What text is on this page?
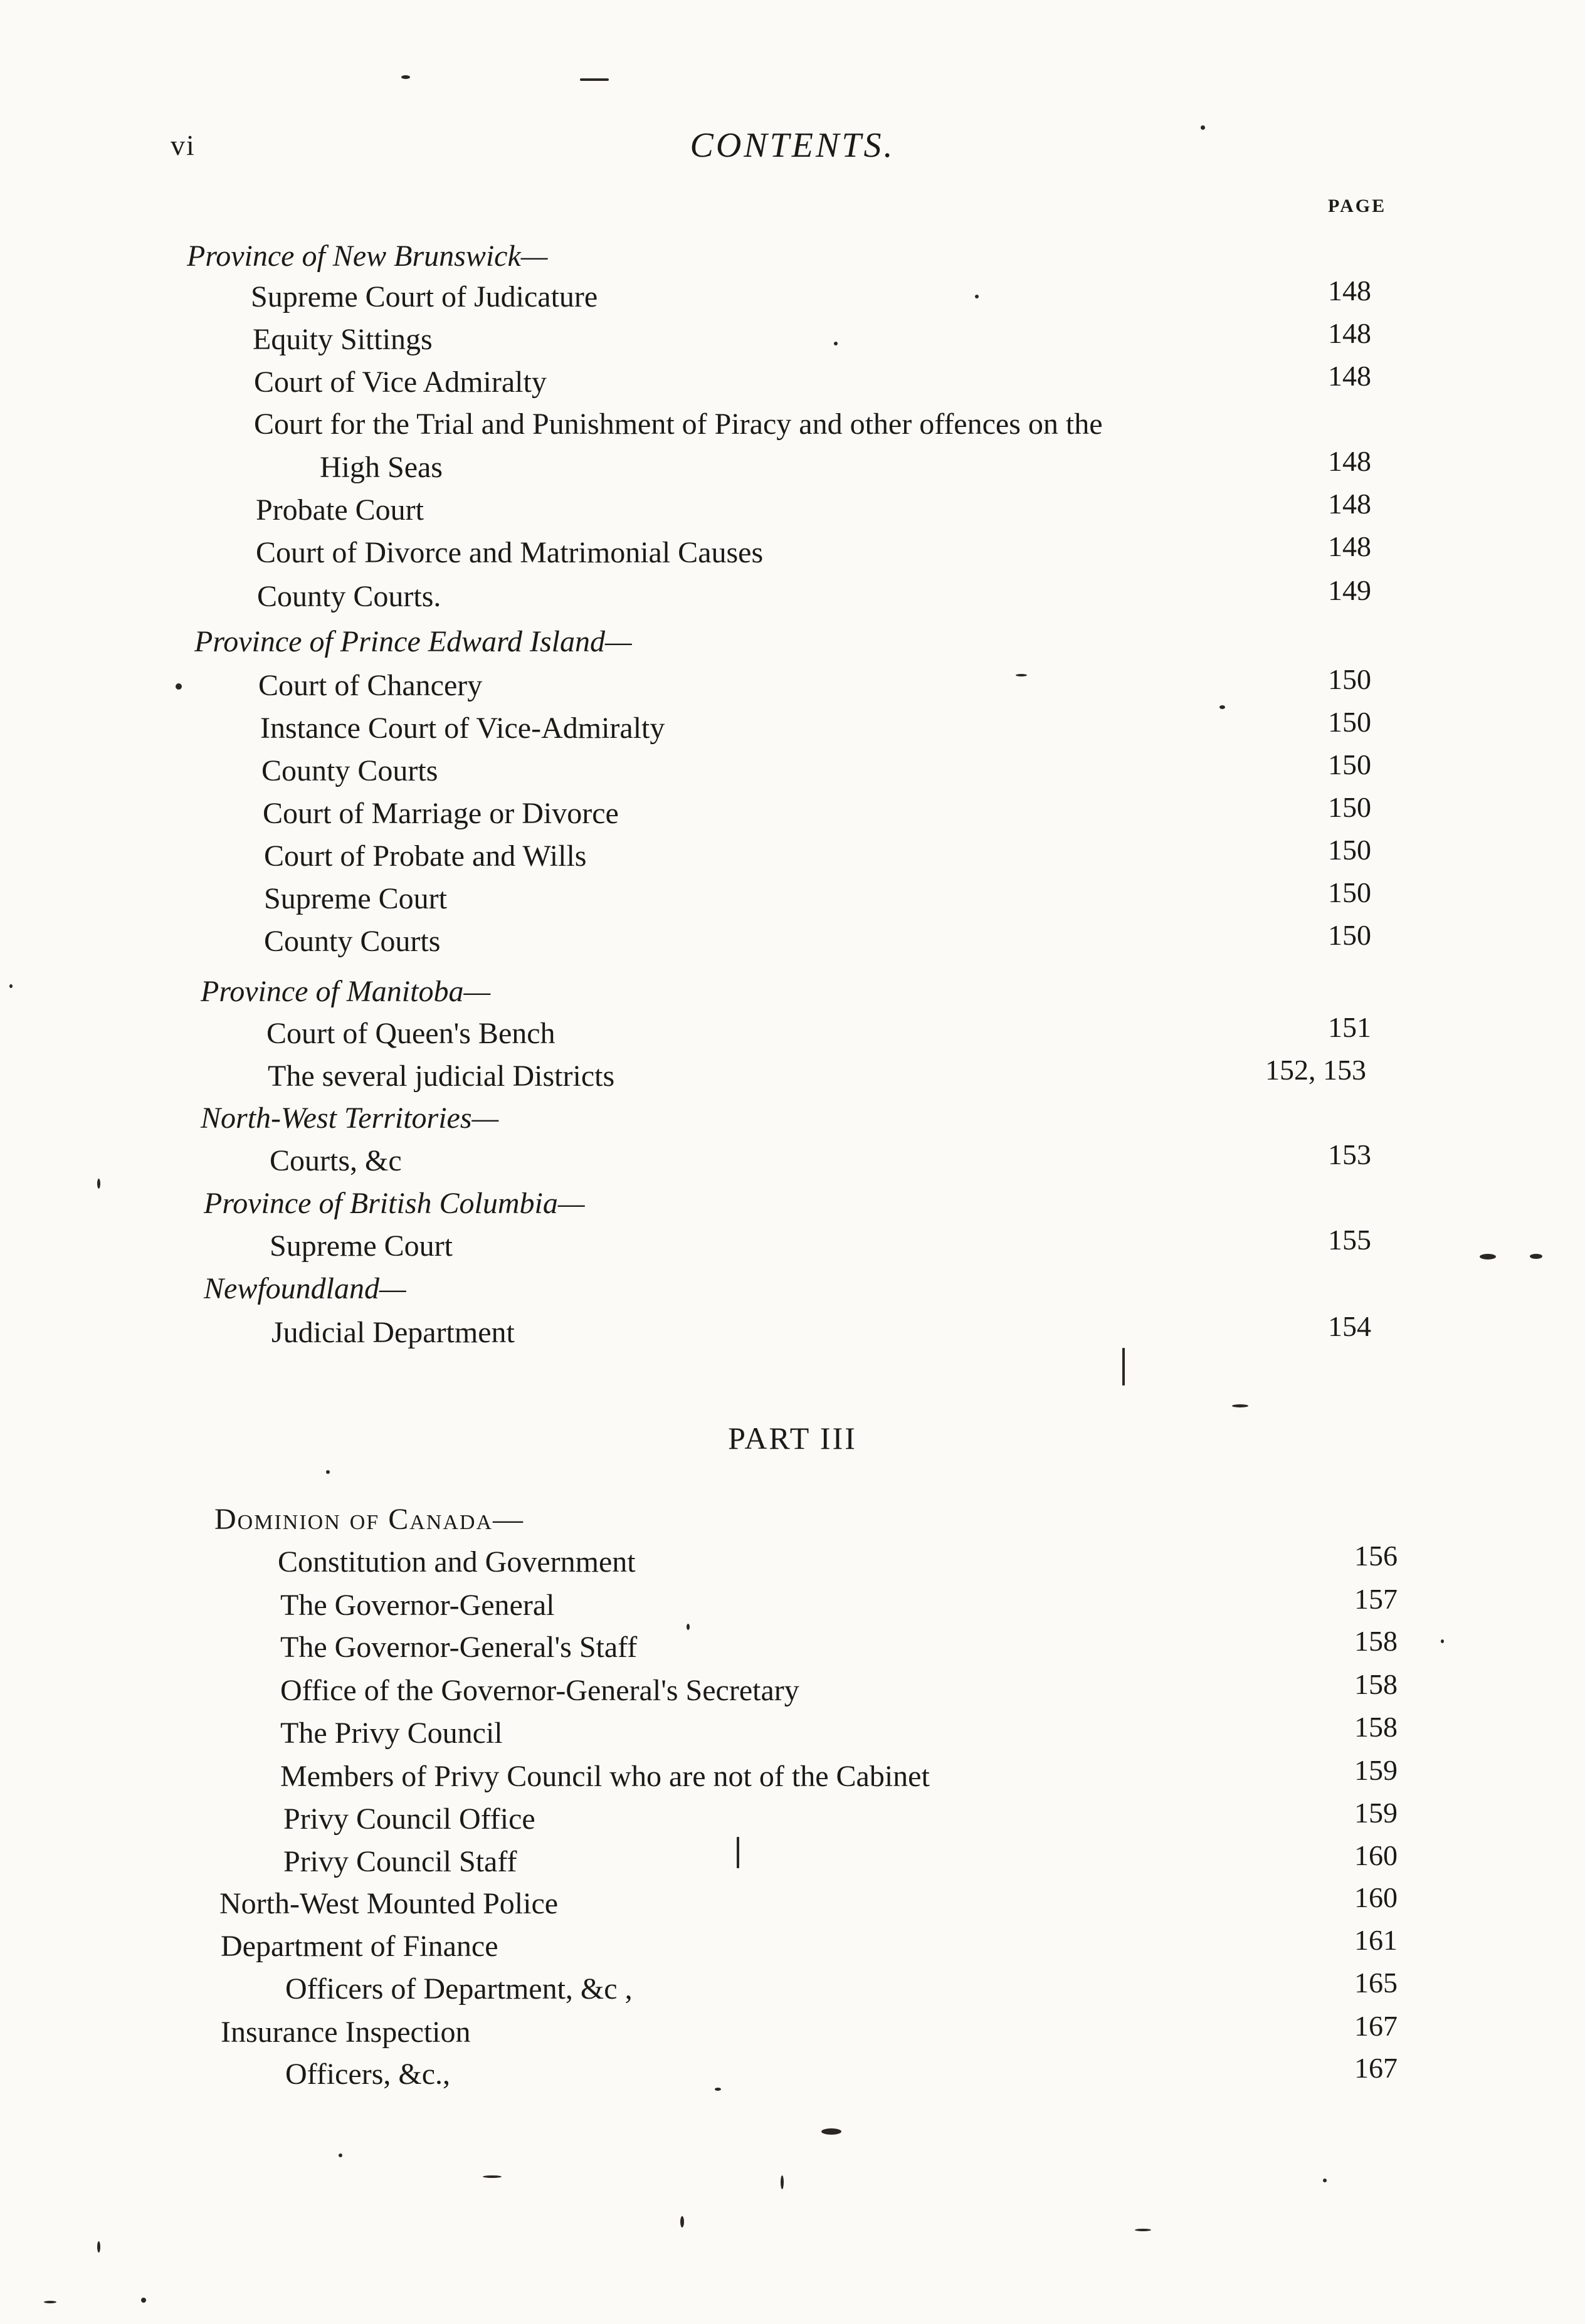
vi	CONTENTS.
PAGE
Province of New Brunswick—
Supreme Court of Judicature	148
Equity Sittings	148
Court of Vice Admiralty	148
Court for the Trial and Punishment of Piracy and other offences on the
High Seas	148
Probate Court	148
Court of Divorce and Matrimonial Causes	148
County Courts.	149
Province of Prince Edward Island—
Court of Chancery	150
Instance Court of Vice-Admiralty	150
County Courts	150
Court of Marriage or Divorce	150
Court of Probate and Wills	150
Supreme Court	150
County Courts	150
Province of Manitoba—
Court of Queen's Bench	151
The several judicial Districts	152, 153
North-West Territories—
Courts, &c	153
Province of British Columbia—
Supreme Court	155
Newfoundland—
Judicial Department	154
Dominion of Canada—
Constitution and Government	156
The Governor-General	157
The Governor-General's Staff	158
Office of the Governor-General's Secretary	158
The Privy Council	158
Members of Privy Council who are not of the Cabinet	159
Privy Council Office	159
Privy Council Staff	160
North-West Mounted Police	160
Department of Finance	161
Officers of Department, &c ,	165
Insurance Inspection	167
Officers, &c.,	167
PART III
